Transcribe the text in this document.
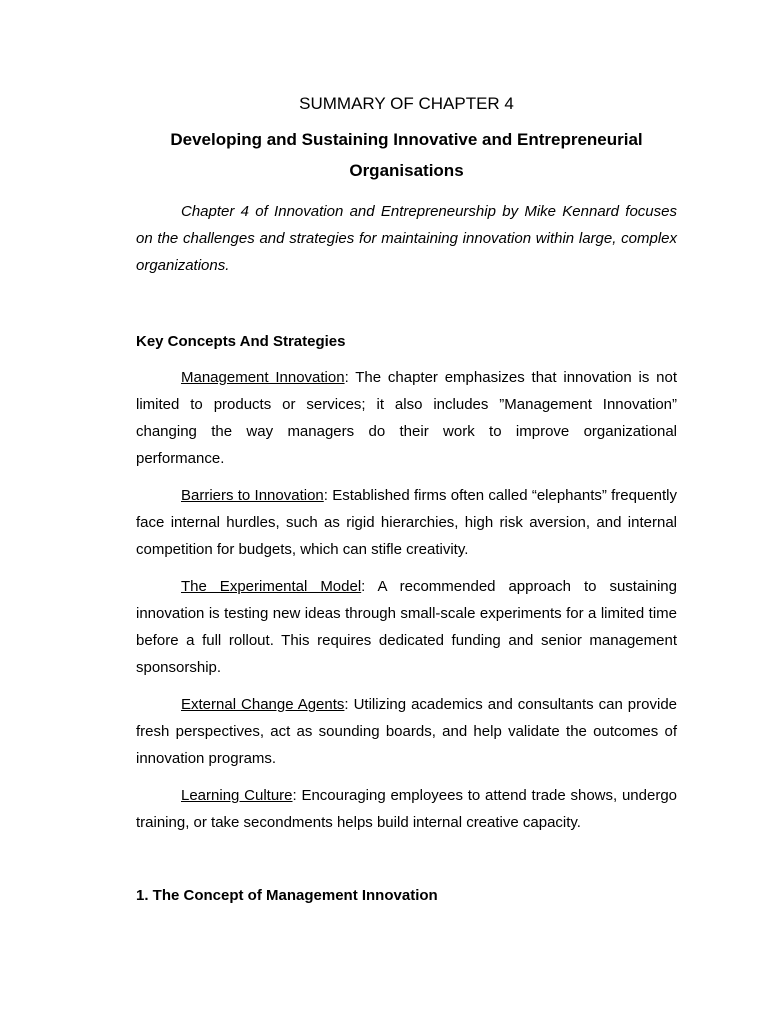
SUMMARY OF CHAPTER 4
Developing and Sustaining Innovative and Entrepreneurial Organisations

Chapter 4 of Innovation and Entrepreneurship by Mike Kennard focuses on the challenges and strategies for maintaining innovation within large, complex organizations.

Key Concepts And Strategies

Management Innovation: The chapter emphasizes that innovation is not limited to products or services; it also includes ”Management Innovation” changing the way managers do their work to improve organizational performance.

Barriers to Innovation: Established firms often called “elephants” frequently face internal hurdles, such as rigid hierarchies, high risk aversion, and internal competition for budgets, which can stifle creativity.

The Experimental Model: A recommended approach to sustaining innovation is testing new ideas through small-scale experiments for a limited time before a full rollout. This requires dedicated funding and senior management sponsorship.

External Change Agents: Utilizing academics and consultants can provide fresh perspectives, act as sounding boards, and help validate the outcomes of innovation programs.

Learning Culture: Encouraging employees to attend trade shows, undergo training, or take secondments helps build internal creative capacity.

1. The Concept of Management Innovation
